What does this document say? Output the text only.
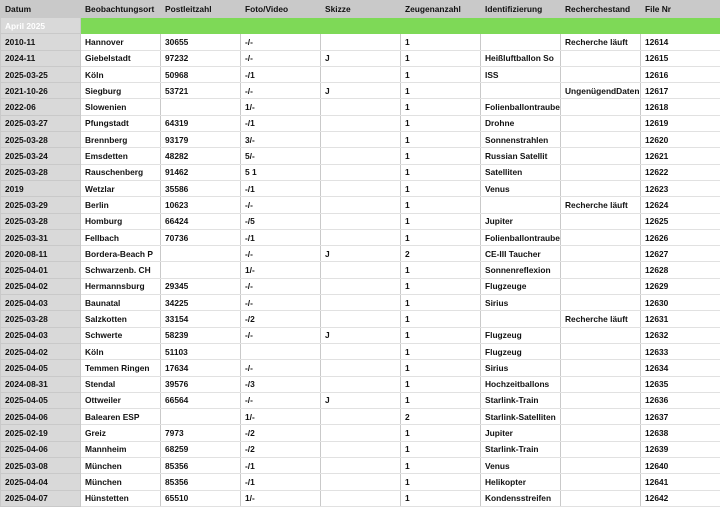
Datum	Beobachtungsort	Postleitzahl	Foto/Video	Skizze	Zeugenanzahl	Identifizierung	Recherchestand	File Nr
April 2025								
2010-11	Hannover	30655	-/-		1		Recherche läuft	12614
2024-11	Giebelstadt	97232	-/-	J	1	Heißluftballon So		12615
2025-03-25	Köln	50968	-/1		1	ISS		12616
2021-10-26	Siegburg	53721	-/-	J	1		UngenügendDaten	12617
2022-06	Slowenien		1/-		1	Folienballontraube		12618
2025-03-27	Pfungstadt	64319	-/1		1	Drohne		12619
2025-03-28	Brennberg	93179	3/-		1	Sonnenstrahlen		12620
2025-03-24	Emsdetten	48282	5/-		1	Russian Satellit		12621
2025-03-28	Rauschenberg	91462	5 1		1	Satelliten		12622
2019	Wetzlar	35586	-/1		1	Venus		12623
2025-03-29	Berlin	10623	-/-		1		Recherche läuft	12624
2025-03-28	Homburg	66424	-/5		1	Jupiter		12625
2025-03-31	Fellbach	70736	-/1		1	Folienballontraube		12626
2020-08-11	Bordera-Beach P		-/-	J	2	CE-III Taucher		12627
2025-04-01	Schwarzenb. CH		1/-		1	Sonnenreflexion		12628
2025-04-02	Hermannsburg	29345	-/-		1	Flugzeuge		12629
2025-04-03	Baunatal	34225	-/-		1	Sirius		12630
2025-03-28	Salzkotten	33154	-/2		1		Recherche läuft	12631
2025-04-03	Schwerte	58239	-/-	J	1	Flugzeug		12632
2025-04-02	Köln	51103			1	Flugzeug		12633
2025-04-05	Temmen Ringen	17634	-/-		1	Sirius		12634
2024-08-31	Stendal	39576	-/3		1	Hochzeitballons		12635
2025-04-05	Ottweiler	66564	-/-	J	1	Starlink-Train		12636
2025-04-06	Balearen ESP		1/-		2	Starlink-Satelliten		12637
2025-02-19	Greiz	7973	-/2		1	Jupiter		12638
2025-04-06	Mannheim	68259	-/2		1	Starlink-Train		12639
2025-03-08	München	85356	-/1		1	Venus		12640
2025-04-04	München	85356	-/1		1	Helikopter		12641
2025-04-07	Hünstetten	65510	1/-		1	Kondensstreifen		12642
